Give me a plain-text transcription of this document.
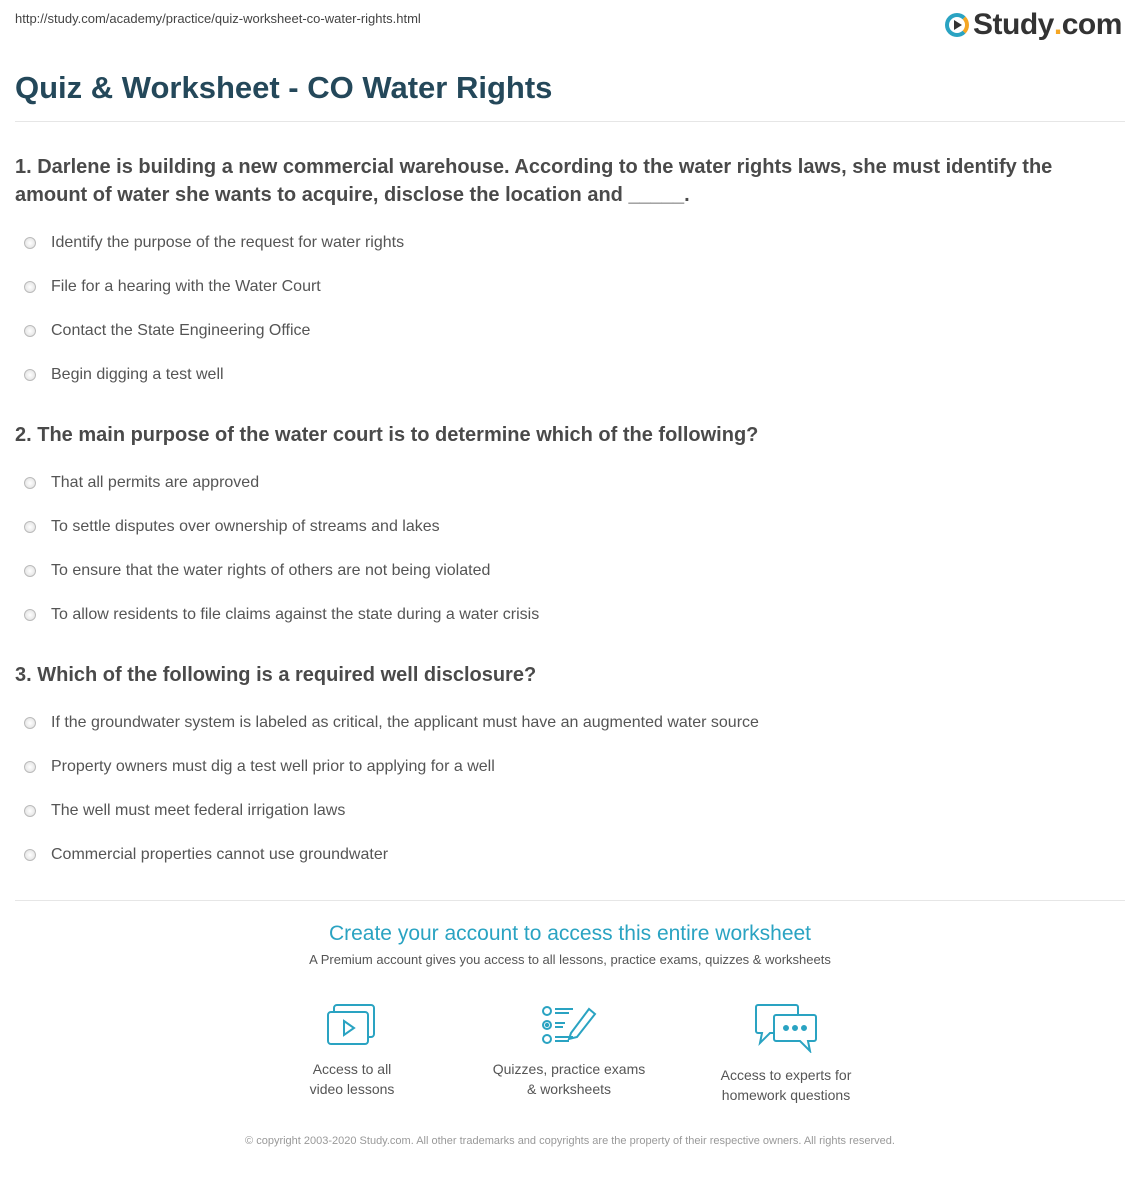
http://study.com/academy/practice/quiz-worksheet-co-water-rights.html	Study . com
Quiz & Worksheet - CO Water Rights

1. Darlene is building a new commercial warehouse. According to the water rights laws, she must identify the amount of water she wants to acquire, disclose the location and _____.

Identify the purpose of the request for water rights
File for a hearing with the Water Court
Contact the State Engineering Office
Begin digging a test well

2. The main purpose of the water court is to determine which of the following?

That all permits are approved
To settle disputes over ownership of streams and lakes
To ensure that the water rights of others are not being violated
To allow residents to file claims against the state during a water crisis

3. Which of the following is a required well disclosure?

If the groundwater system is labeled as critical, the applicant must have an augmented water source
Property owners must dig a test well prior to applying for a well
The well must meet federal irrigation laws
Commercial properties cannot use groundwater
Create your account to access this entire worksheet

A Premium account gives you access to all lessons, practice exams, quizzes & worksheets

Access to all
video lessons
Quizzes, practice exams
& worksheets
Access to experts for
homework questions
© copyright 2003-2020 Study.com. All other trademarks and copyrights are the property of their respective owners. All rights reserved.
